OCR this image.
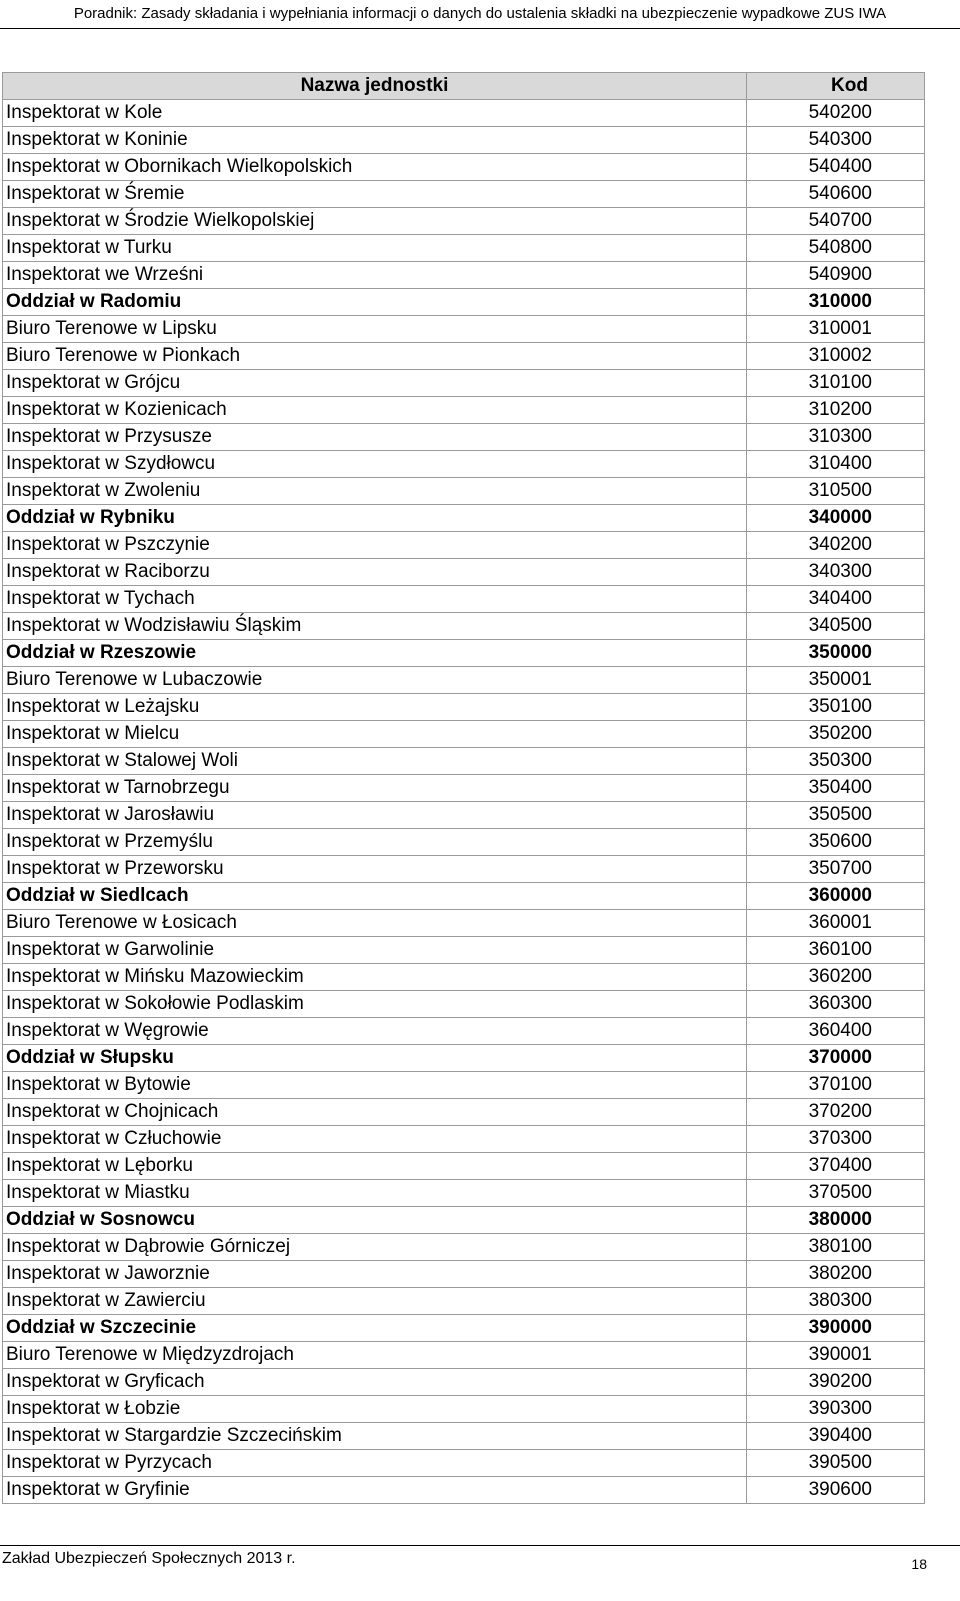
Poradnik: Zasady składania i wypełniania informacji o danych do ustalenia składki na ubezpieczenie wypadkowe ZUS IWA
Nazwa jednostki	Kod
Inspektorat w Kole	540200
Inspektorat w Koninie	540300
Inspektorat w Obornikach Wielkopolskich	540400
Inspektorat w Śremie	540600
Inspektorat w Środzie Wielkopolskiej	540700
Inspektorat w Turku	540800
Inspektorat we Wrześni	540900
Oddział w Radomiu	310000
Biuro Terenowe w Lipsku	310001
Biuro Terenowe w Pionkach	310002
Inspektorat w Grójcu	310100
Inspektorat w Kozienicach	310200
Inspektorat w Przysusze	310300
Inspektorat w Szydłowcu	310400
Inspektorat w Zwoleniu	310500
Oddział w Rybniku	340000
Inspektorat w Pszczynie	340200
Inspektorat w Raciborzu	340300
Inspektorat w Tychach	340400
Inspektorat w Wodzisławiu Śląskim	340500
Oddział w Rzeszowie	350000
Biuro Terenowe w Lubaczowie	350001
Inspektorat w Leżajsku	350100
Inspektorat w Mielcu	350200
Inspektorat w Stalowej Woli	350300
Inspektorat w Tarnobrzegu	350400
Inspektorat w Jarosławiu	350500
Inspektorat w Przemyślu	350600
Inspektorat w Przeworsku	350700
Oddział w Siedlcach	360000
Biuro Terenowe w Łosicach	360001
Inspektorat w Garwolinie	360100
Inspektorat w Mińsku Mazowieckim	360200
Inspektorat w Sokołowie Podlaskim	360300
Inspektorat w Węgrowie	360400
Oddział w Słupsku	370000
Inspektorat w Bytowie	370100
Inspektorat w Chojnicach	370200
Inspektorat w Człuchowie	370300
Inspektorat w Lęborku	370400
Inspektorat w Miastku	370500
Oddział w Sosnowcu	380000
Inspektorat w Dąbrowie Górniczej	380100
Inspektorat w Jaworznie	380200
Inspektorat w Zawierciu	380300
Oddział w Szczecinie	390000
Biuro Terenowe w Międzyzdrojach	390001
Inspektorat w Gryficach	390200
Inspektorat w Łobzie	390300
Inspektorat w Stargardzie Szczecińskim	390400
Inspektorat w Pyrzycach	390500
Inspektorat w Gryfinie	390600
Zakład Ubezpieczeń Społecznych 2013 r.	18
